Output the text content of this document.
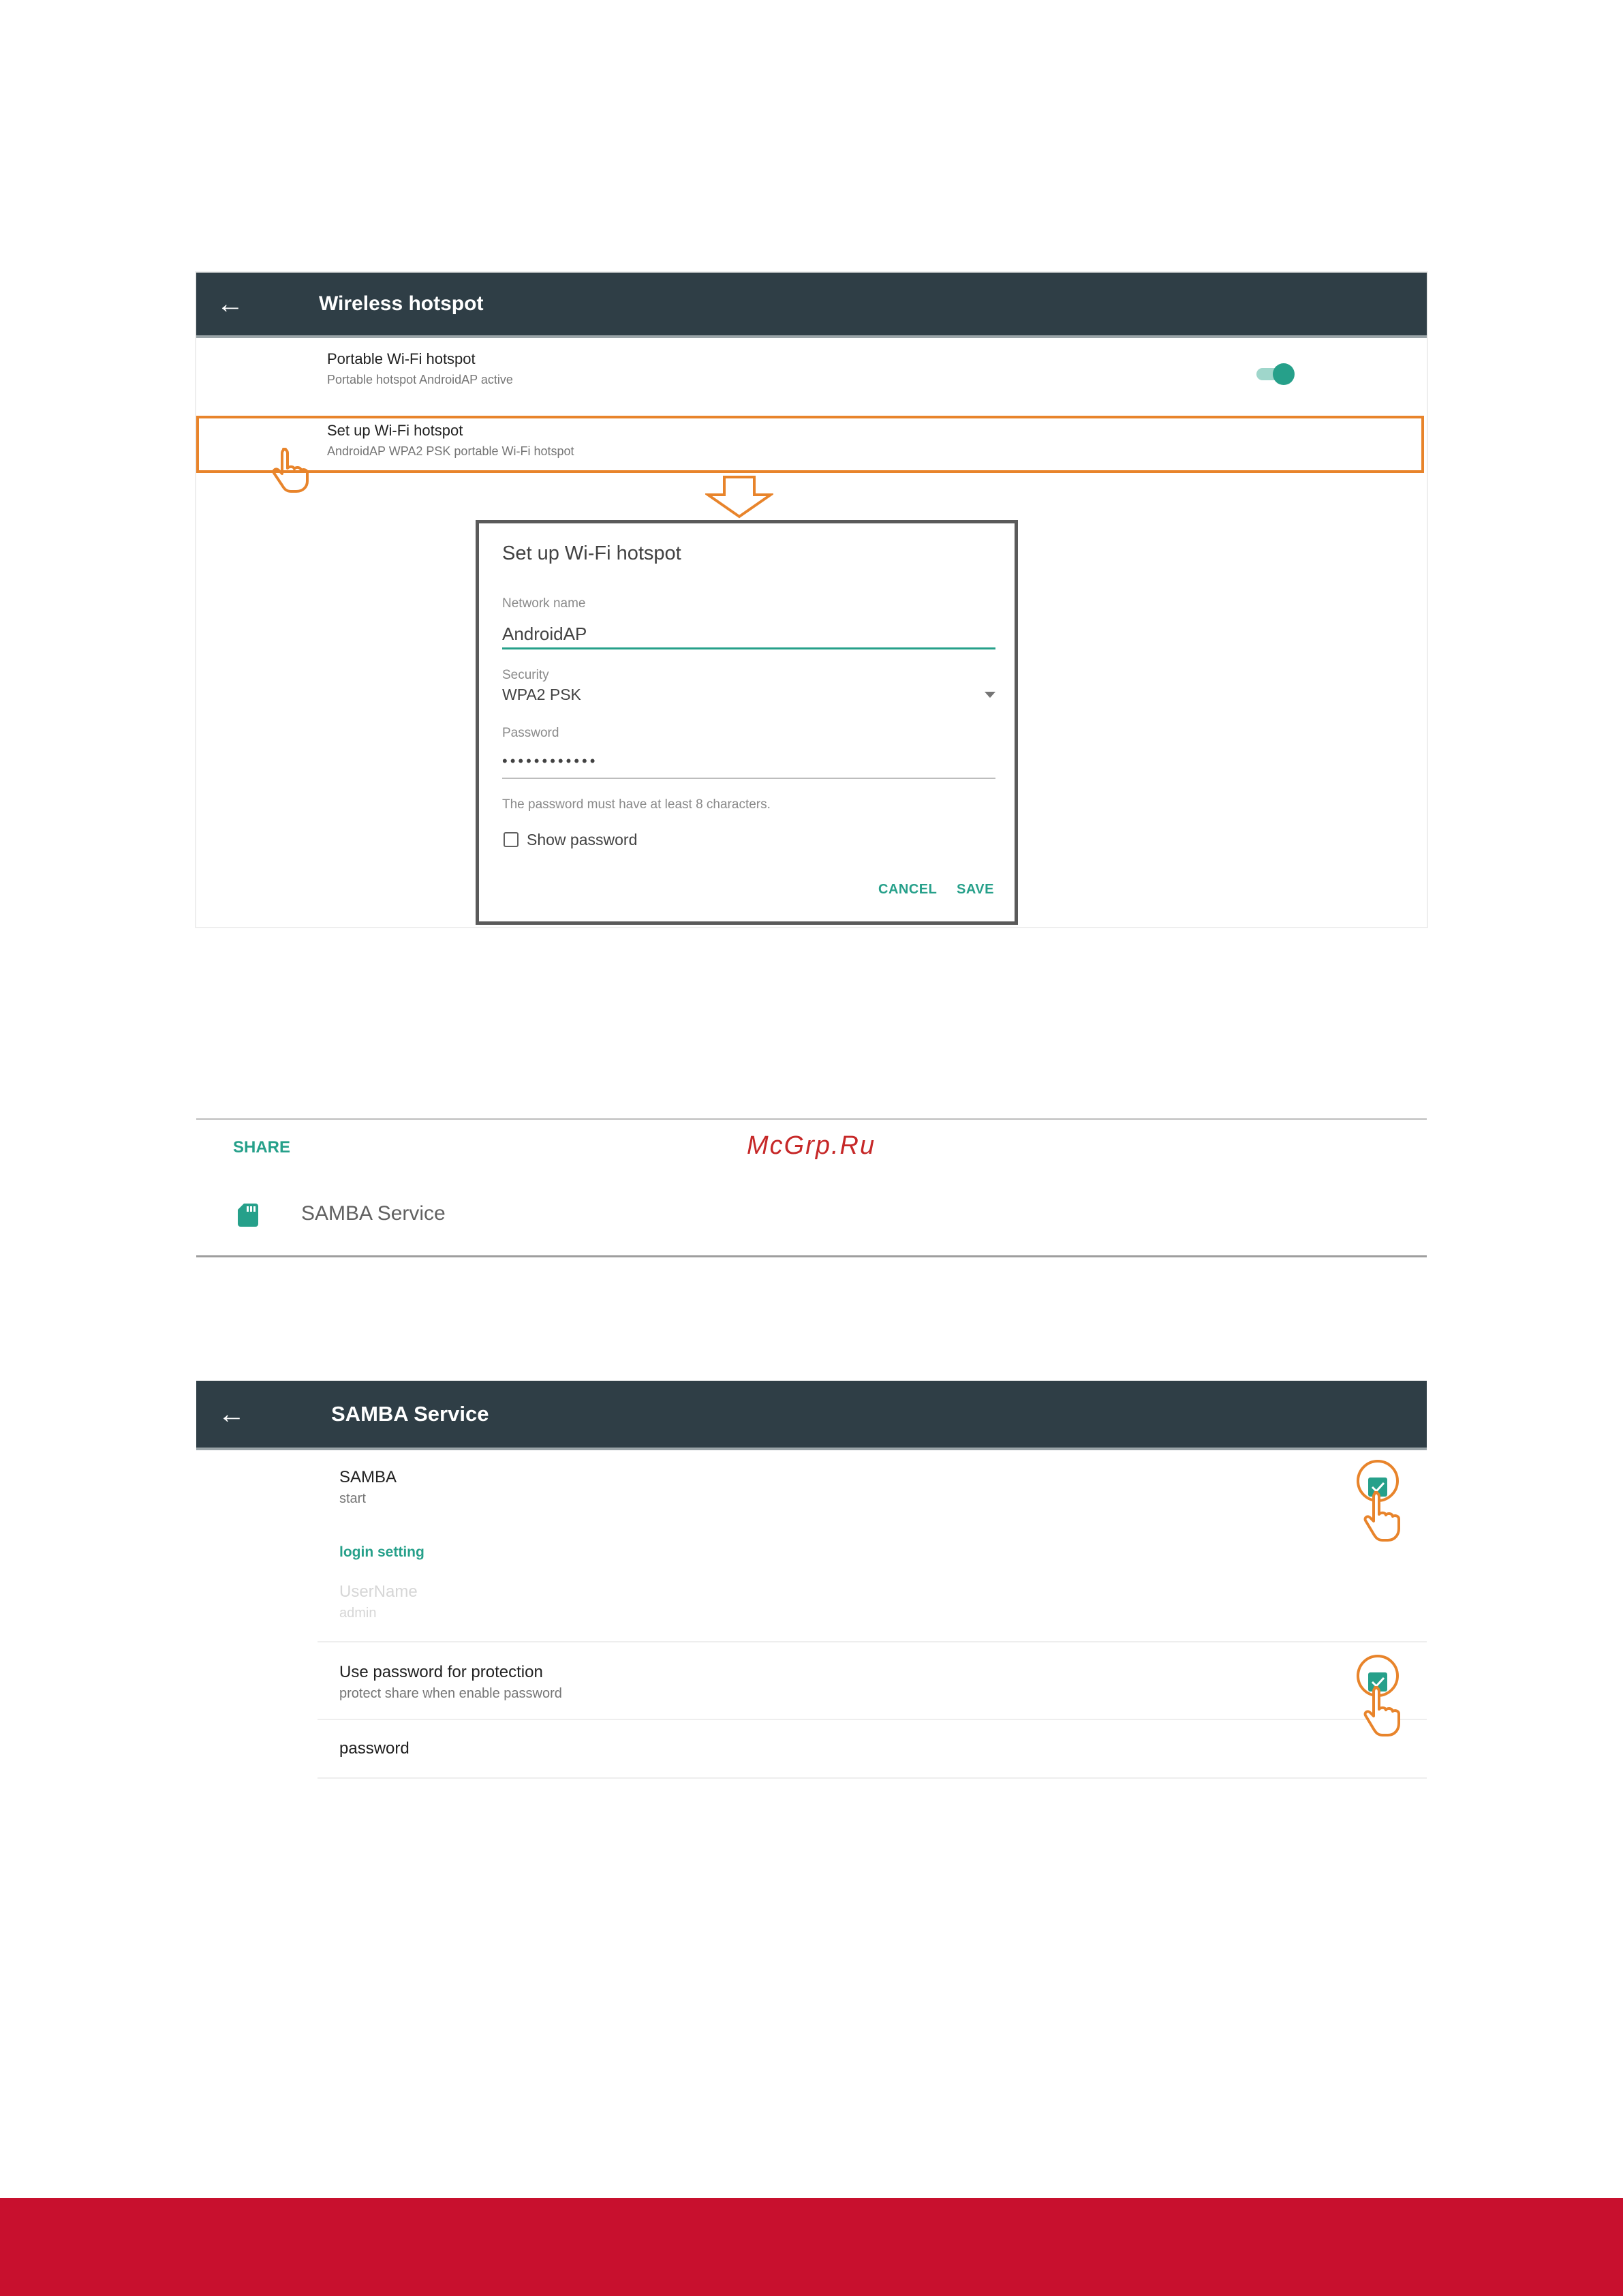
←	Wireless hotspot
Portable Wi-Fi hotspot
Portable hotspot AndroidAP active
Set up Wi-Fi hotspot
AndroidAP WPA2 PSK portable Wi-Fi hotspot
Set up Wi-Fi hotspot
Network name
AndroidAP
Security
WPA2 PSK
Password
••••••••••••
The password must have at least 8 characters.
Show password
CANCEL SAVE
SHARE	McGrp.Ru
SAMBA Service
←	SAMBA Service
SAMBA
start
login setting
UserName
admin
Use password for protection
protect share when enable password
password
